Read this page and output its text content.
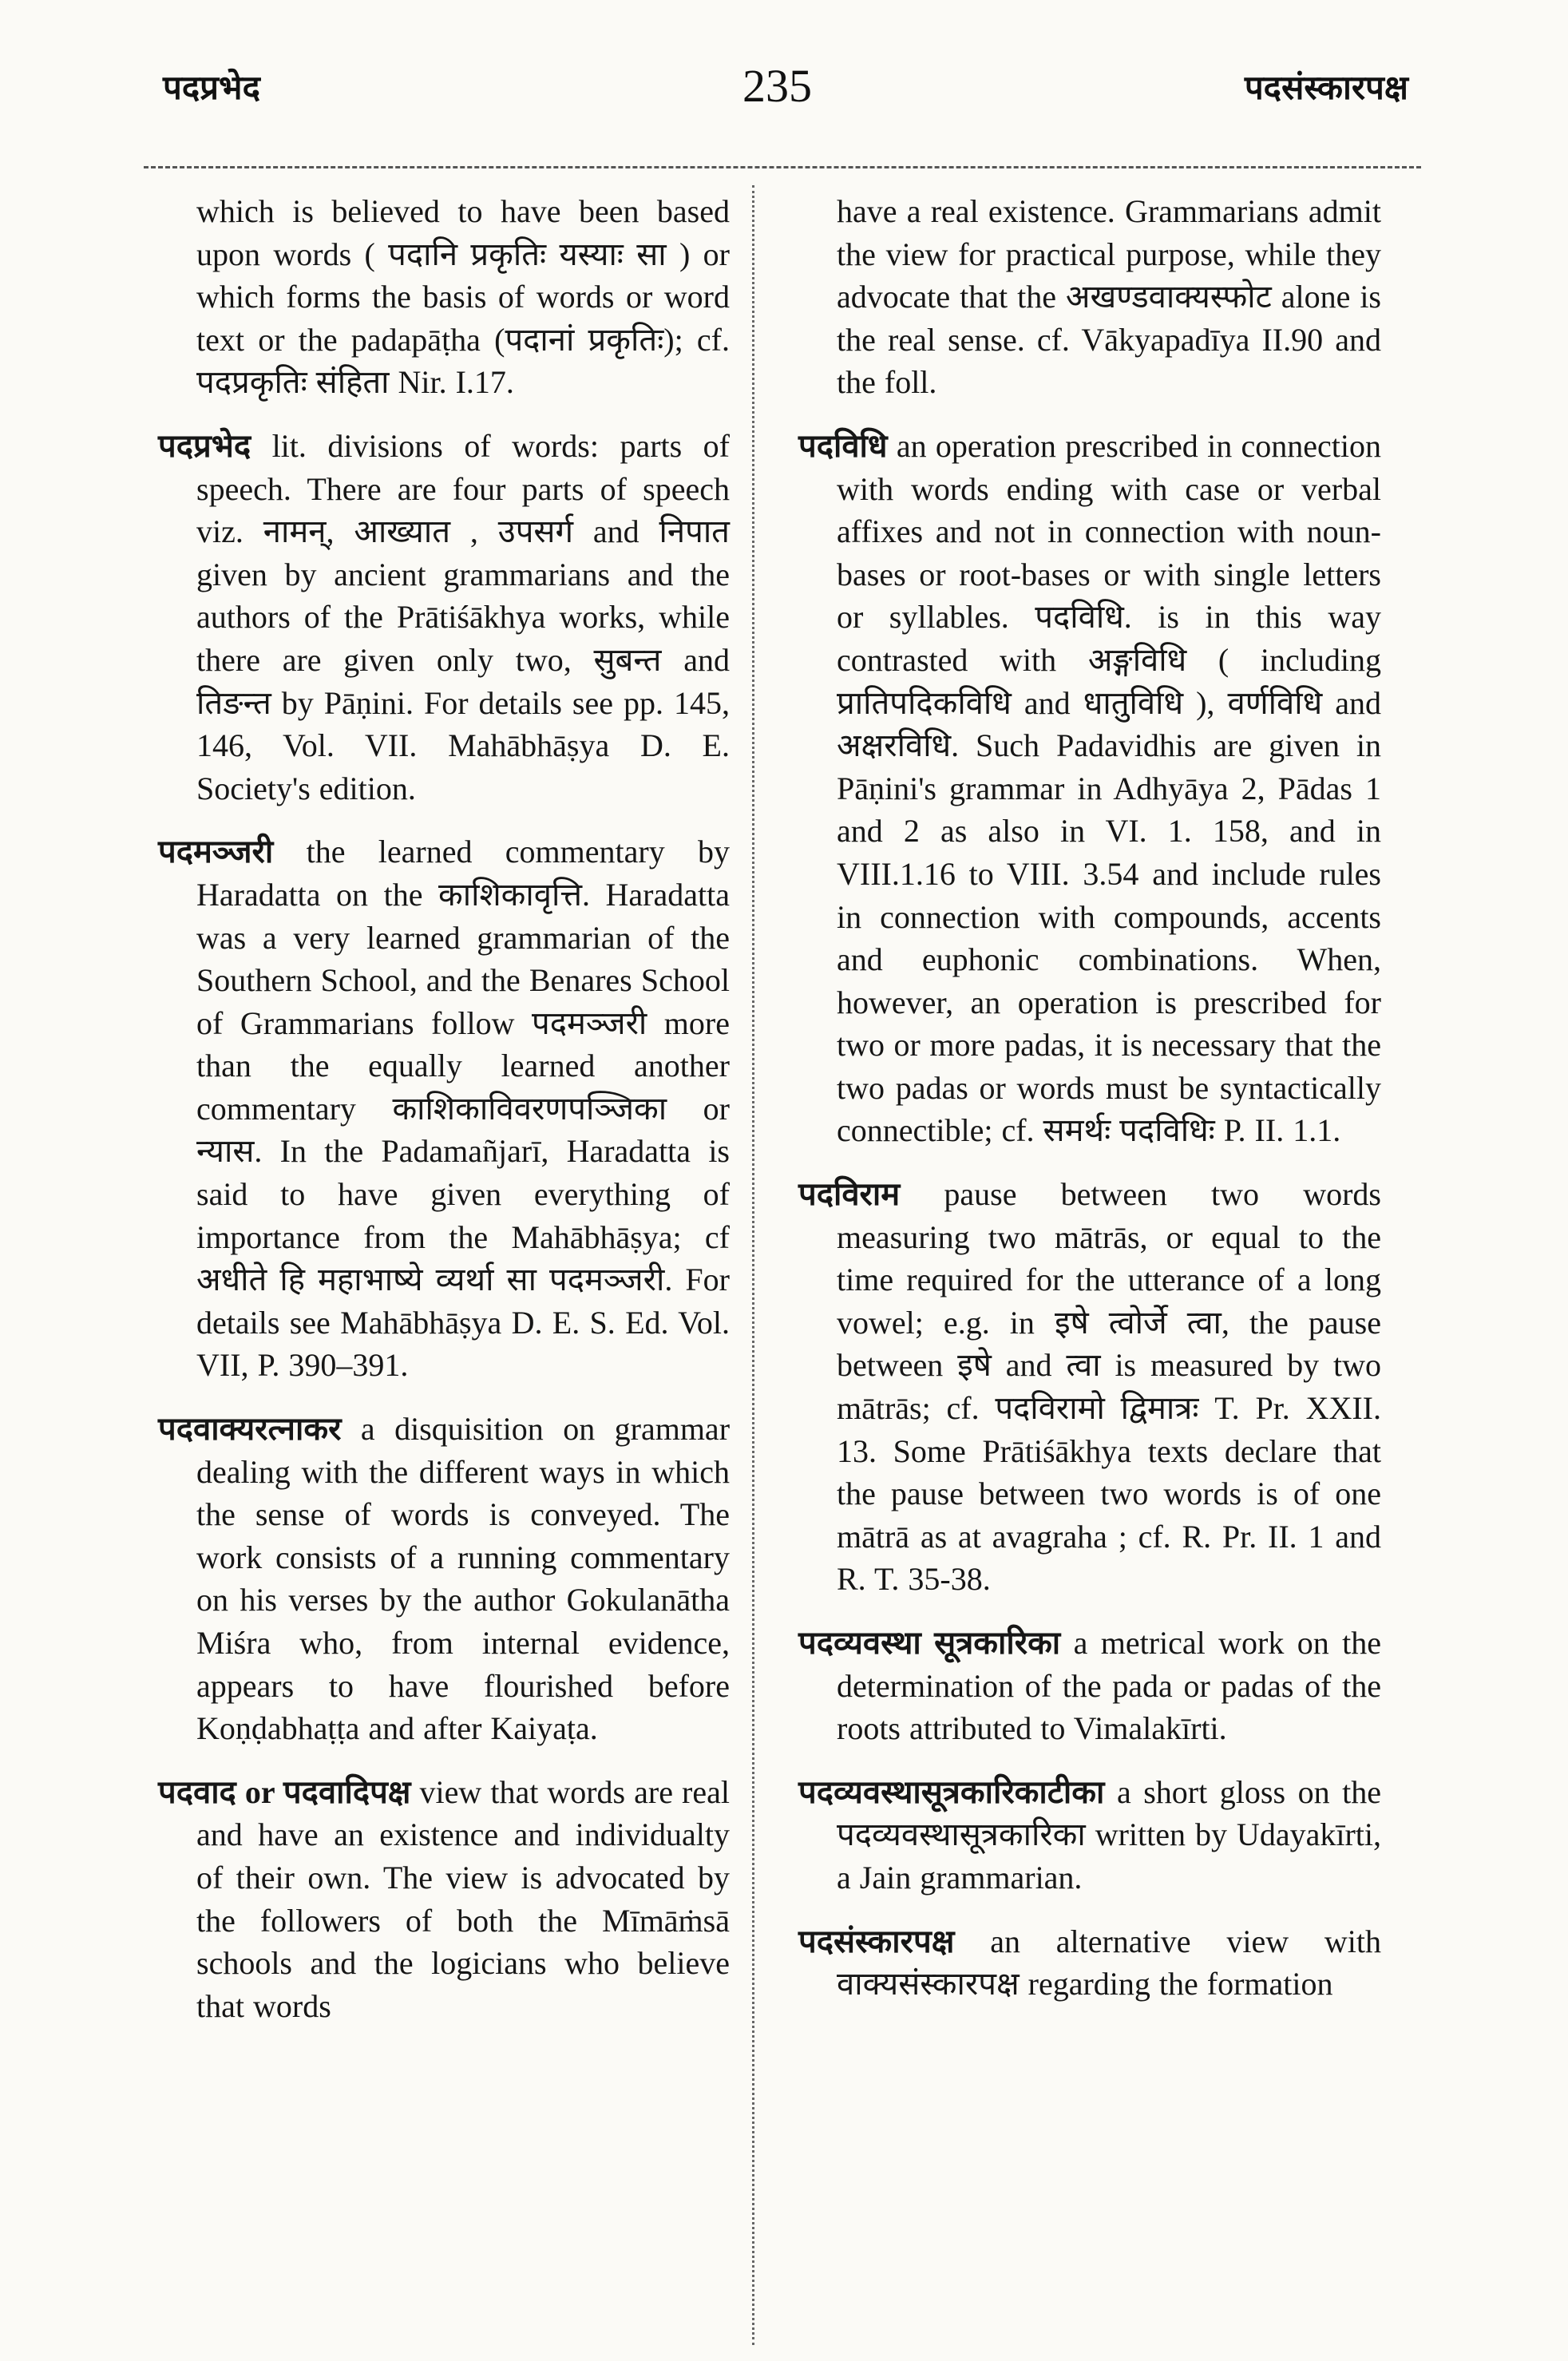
पदप्रभेद	235	पदसंस्कारपक्ष

which is believed to have been based upon words ( पदानि प्रकृतिः यस्याः सा ) or which forms the basis of words or word text or the padapāṭha (पदानां प्रकृतिः); cf. पदप्रकृतिः संहिता Nir. I.17.

पदप्रभेद lit. divisions of words: parts of speech. There are four parts of speech viz. नामन्, आख्यात , उपसर्ग and निपात given by ancient grammarians and the authors of the Prātiśākhya works, while there are given only two, सुबन्त and तिङन्त by Pāṇini. For details see pp. 145, 146, Vol. VII. Mahābhāṣya D. E. Society's edition.

पदमञ्जरी the learned commentary by Haradatta on the काशिकावृत्ति. Haradatta was a very learned grammarian of the Southern School, and the Benares School of Grammarians follow पदमञ्जरी more than the equally learned another commentary काशिकाविवरणपञ्जिका or न्यास. In the Padamañjarī, Haradatta is said to have given everything of importance from the Mahābhāṣya; cf अधीते हि महाभाष्ये व्यर्था सा पदमञ्जरी. For details see Mahābhāṣya D. E. S. Ed. Vol. VII, P. 390–391.

पदवाक्यरत्नाकर a disquisition on grammar dealing with the different ways in which the sense of words is conveyed. The work consists of a running commentary on his verses by the author Gokulanātha Miśra who, from internal evidence, appears to have flourished before Koṇḍabhaṭṭa and after Kaiyaṭa.

पदवाद or पदवादिपक्ष view that words are real and have an existence and individualty of their own. The view is advocated by the followers of both the Mīmāṁsā schools and the logicians who believe that words

have a real existence. Grammarians admit the view for practical purpose, while they advocate that the अखण्डवाक्यस्फोट alone is the real sense. cf. Vākyapadīya II.90 and the foll.

पदविधि an operation prescribed in connection with words ending with case or verbal affixes and not in connection with noun-bases or root-bases or with single letters or syllables. पदविधि. is in this way contrasted with अङ्गविधि ( including प्रातिपदिकविधि and धातुविधि ), वर्णविधि and अक्षरविधि. Such Padavidhis are given in Pāṇini's grammar in Adhyāya 2, Pādas 1 and 2 as also in VI. 1. 158, and in VIII.1.16 to VIII. 3.54 and include rules in connection with compounds, accents and euphonic combinations. When, however, an operation is prescribed for two or more padas, it is necessary that the two padas or words must be syntactically connectible; cf. समर्थः पदविधिः P. II. 1.1.

पदविराम pause between two words measuring two mātrās, or equal to the time required for the utterance of a long vowel; e.g. in इषे त्वोर्जे त्वा, the pause between इषे and त्वा is measured by two mātrās; cf. पदविरामो द्विमात्रः T. Pr. XXII. 13. Some Prātiśākhya texts declare that the pause between two words is of one mātrā as at avagraha ; cf. R. Pr. II. 1 and R. T. 35-38.

पदव्यवस्था सूत्रकारिका a metrical work on the determination of the pada or padas of the roots attributed to Vimalakīrti.

पदव्यवस्थासूत्रकारिकाटीका a short gloss on the पदव्यवस्थासूत्रकारिका written by Udayakīrti, a Jain grammarian.

पदसंस्कारपक्ष an alternative view with वाक्यसंस्कारपक्ष regarding the formation
